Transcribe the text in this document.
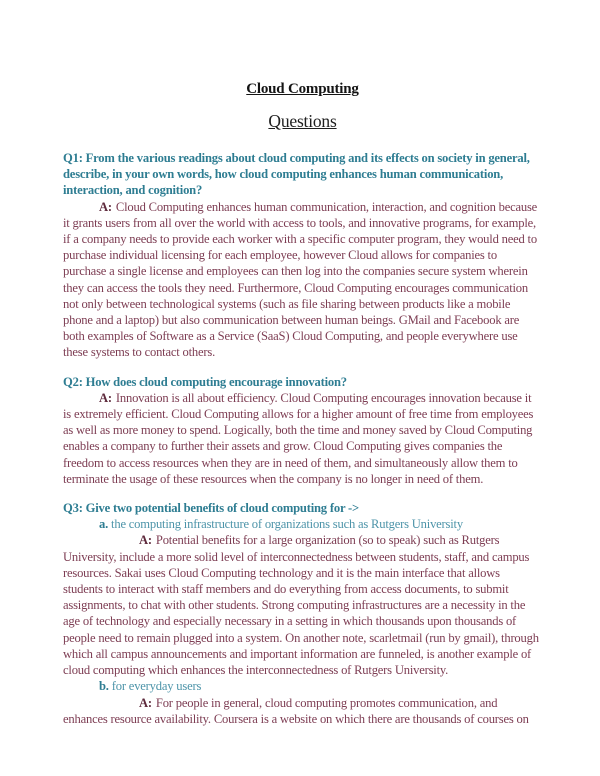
Cloud Computing
Questions

Q1: From the various readings about cloud computing and its effects on society in general, describe, in your own words, how cloud computing enhances human communication, interaction, and cognition?

A: Cloud Computing enhances human communication, interaction, and cognition because it grants users from all over the world with access to tools, and innovative programs, for example, if a company needs to provide each worker with a specific computer program, they would need to purchase individual licensing for each employee, however Cloud allows for companies to purchase a single license and employees can then log into the companies secure system wherein they can access the tools they need. Furthermore, Cloud Computing encourages communication not only between technological systems (such as file sharing between products like a mobile phone and a laptop) but also communication between human beings. GMail and Facebook are both examples of Software as a Service (SaaS) Cloud Computing, and people everywhere use these systems to contact others.

Q2: How does cloud computing encourage innovation?

A: Innovation is all about efficiency. Cloud Computing encourages innovation because it is extremely efficient. Cloud Computing allows for a higher amount of free time from employees as well as more money to spend. Logically, both the time and money saved by Cloud Computing enables a company to further their assets and grow. Cloud Computing gives companies the freedom to access resources when they are in need of them, and simultaneously allow them to terminate the usage of these resources when the company is no longer in need of them.

Q3: Give two potential benefits of cloud computing for ->

a. the computing infrastructure of organizations such as Rutgers University

A: Potential benefits for a large organization (so to speak) such as Rutgers University, include a more solid level of interconnectedness between students, staff, and campus resources. Sakai uses Cloud Computing technology and it is the main interface that allows students to interact with staff members and do everything from access documents, to submit assignments, to chat with other students. Strong computing infrastructures are a necessity in the age of technology and especially necessary in a setting in which thousands upon thousands of people need to remain plugged into a system. On another note, scarletmail (run by gmail), through which all campus announcements and important information are funneled, is another example of cloud computing which enhances the interconnectedness of Rutgers University.

b. for everyday users

A: For people in general, cloud computing promotes communication, and enhances resource availability. Coursera is a website on which there are thousands of courses on
